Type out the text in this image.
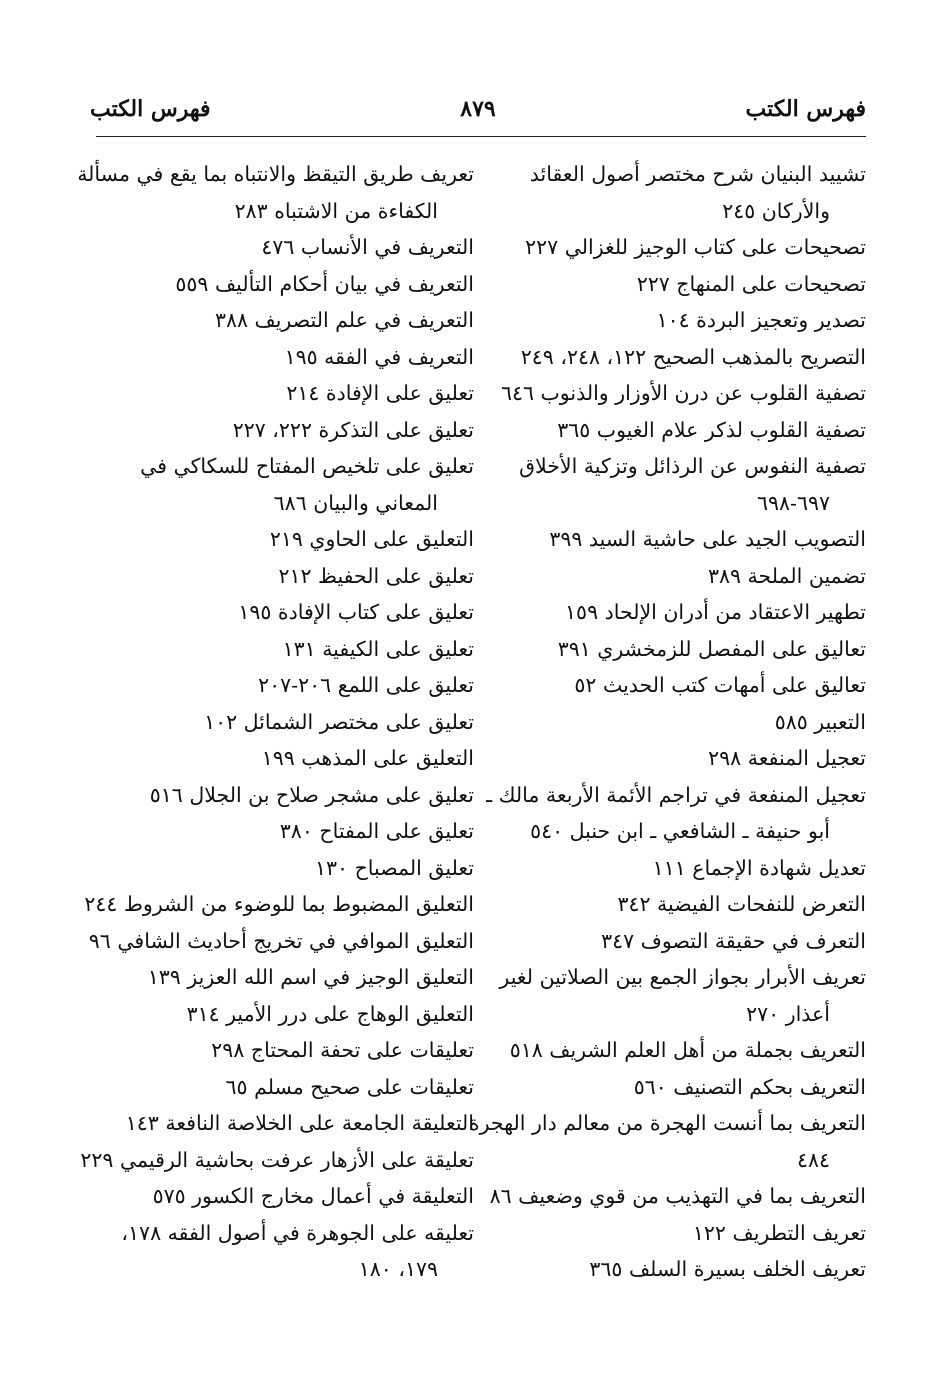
فهرس الكتب
٨٧٩
فهرس الكتب
تشييد البنيان شرح مختصر أصول العقائد
والأركان ٢٤٥
تصحيحات على كتاب الوجيز للغزالي ٢٢٧
تصحيحات على المنهاج ٢٢٧
تصدير وتعجيز البردة ١٠٤
التصريح بالمذهب الصحيح ١٢٢، ٢٤٨، ٢٤٩
تصفية القلوب عن درن الأوزار والذنوب ٦٤٦
تصفية القلوب لذكر علام الغيوب ٣٦٥
تصفية النفوس عن الرذائل وتزكية الأخلاق
٦٩٧-٦٩٨
التصويب الجيد على حاشية السيد ٣٩٩
تضمين الملحة ٣٨٩
تطهير الاعتقاد من أدران الإلحاد ١٥٩
تعاليق على المفصل للزمخشري ٣٩١
تعاليق على أمهات كتب الحديث ٥٢
التعبير ٥٨٥
تعجيل المنفعة ٢٩٨
تعجيل المنفعة في تراجم الأئمة الأربعة مالك ـ
أبو حنيفة ـ الشافعي ـ ابن حنبل ٥٤٠
تعديل شهادة الإجماع ١١١
التعرض للنفحات الفيضية ٣٤٢
التعرف في حقيقة التصوف ٣٤٧
تعريف الأبرار بجواز الجمع بين الصلاتين لغير
أعذار ٢٧٠
التعريف بجملة من أهل العلم الشريف ٥١٨
التعريف بحكم التصنيف ٥٦٠
التعريف بما أنست الهجرة من معالم دار الهجرة
٤٨٤
التعريف بما في التهذيب من قوي وضعيف ٨٦
تعريف التطريف ١٢٢
تعريف الخلف بسيرة السلف ٣٦٥
تعريف طريق التيقظ والانتباه بما يقع في مسألة
الكفاءة من الاشتباه ٢٨٣
التعريف في الأنساب ٤٧٦
التعريف في بيان أحكام التأليف ٥٥٩
التعريف في علم التصريف ٣٨٨
التعريف في الفقه ١٩٥
تعليق على الإفادة ٢١٤
تعليق على التذكرة ٢٢٢، ٢٢٧
تعليق على تلخيص المفتاح للسكاكي في
المعاني والبيان ٦٨٦
التعليق على الحاوي ٢١٩
تعليق على الحفيظ ٢١٢
تعليق على كتاب الإفادة ١٩٥
تعليق على الكيفية ١٣١
تعليق على اللمع ٢٠٦-٢٠٧
تعليق على مختصر الشمائل ١٠٢
التعليق على المذهب ١٩٩
تعليق على مشجر صلاح بن الجلال ٥١٦
تعليق على المفتاح ٣٨٠
تعليق المصباح ١٣٠
التعليق المضبوط بما للوضوء من الشروط ٢٤٤
التعليق الموافي في تخريج أحاديث الشافي ٩٦
التعليق الوجيز في اسم الله العزيز ١٣٩
التعليق الوهاج على درر الأمير ٣١٤
تعليقات على تحفة المحتاج ٢٩٨
تعليقات على صحيح مسلم ٦٥
التعليقة الجامعة على الخلاصة النافعة ١٤٣
تعليقة على الأزهار عرفت بحاشية الرقيمي ٢٢٩
التعليقة في أعمال مخارج الكسور ٥٧٥
تعليقه على الجوهرة في أصول الفقه ١٧٨،
١٧٩، ١٨٠
